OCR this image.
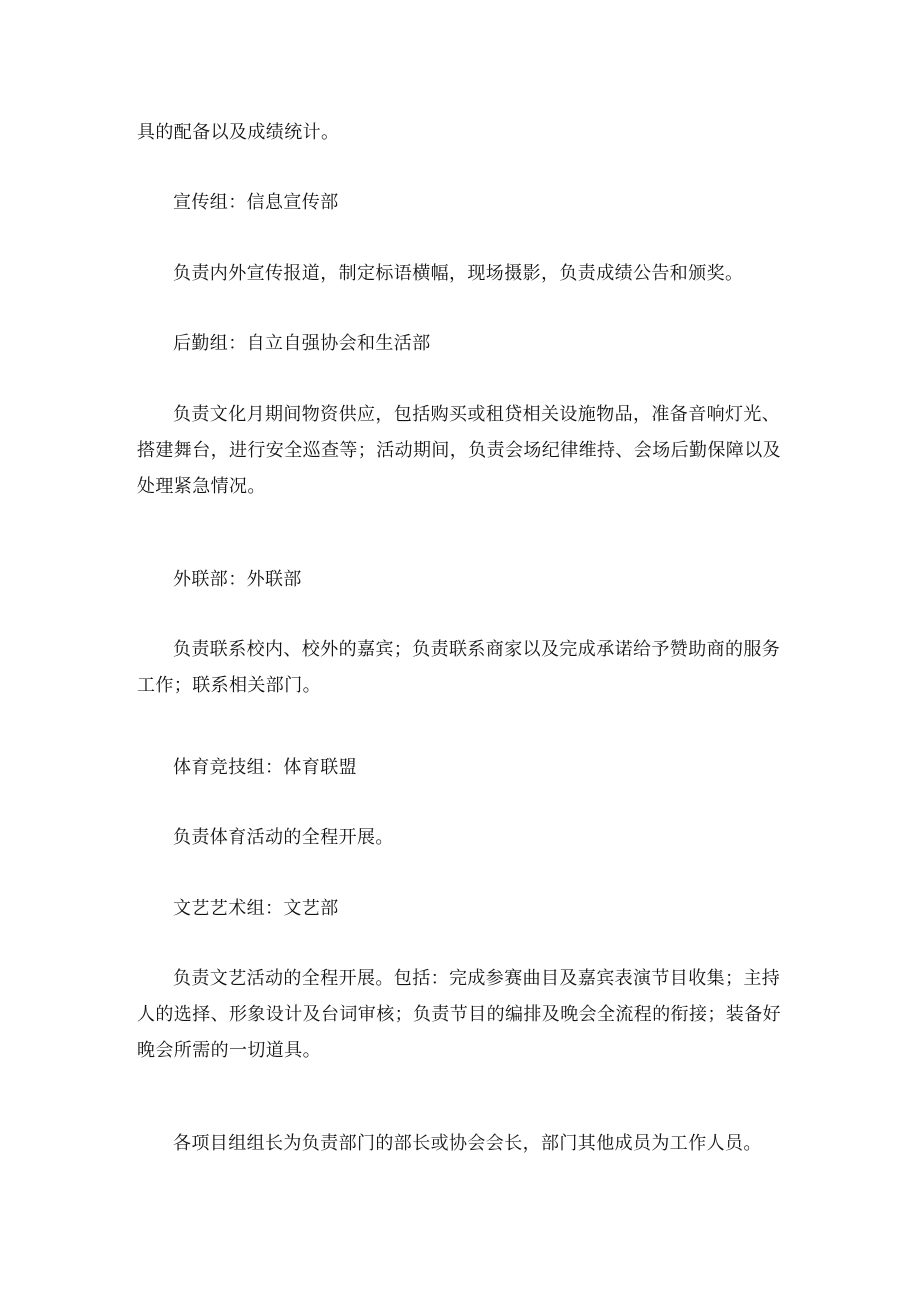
具的配备以及成绩统计。

宣传组：信息宣传部

负责内外宣传报道，制定标语横幅，现场摄影，负责成绩公告和颁奖。

后勤组：自立自强协会和生活部

负责文化月期间物资供应，包括购买或租贷相关设施物品，准备音响灯光、搭建舞台，进行安全巡查等；活动期间，负责会场纪律维持、会场后勤保障以及处理紧急情况。

外联部：外联部

负责联系校内、校外的嘉宾；负责联系商家以及完成承诺给予赞助商的服务工作；联系相关部门。

体育竞技组：体育联盟

负责体育活动的全程开展。

文艺艺术组：文艺部

负责文艺活动的全程开展。包括：完成参赛曲目及嘉宾表演节目收集；主持人的选择、形象设计及台词审核；负责节目的编排及晚会全流程的衔接；装备好晚会所需的一切道具。

各项目组组长为负责部门的部长或协会会长，部门其他成员为工作人员。
